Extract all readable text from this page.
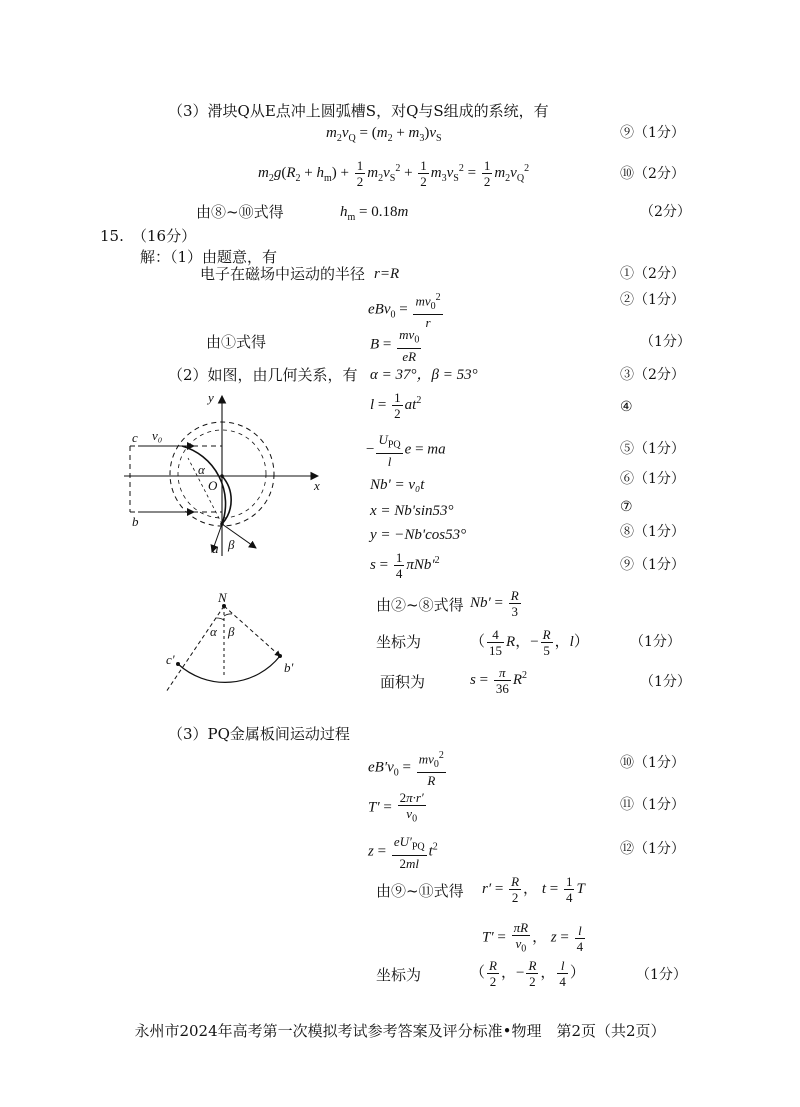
（3）滑块Q从E点冲上圆弧槽S，对Q与S组成的系统，有
$m_2v_Q = (m_2 + m_3)v_S$	⑨（1分）
$m_2g(R_2 + h_m) + \frac{1}{2} m_2v_S^2 + \frac{1}{2} m_3v_S^2 = \frac{1}{2} m_2v_Q^2$	⑩（2分）
由⑧~⑩式得	$h_m = 0.18m$	（2分）
15. （16分）
解：（1）由题意，有
电子在磁场中运动的半径 r=R	①（2分）
$eBv_0 = \frac{mv_0^2}{r}$	②（1分）
由①式得	$B = \frac{mv_0}{eR}$	（1分）
（2）如图，由几何关系，有 α = 37°，β = 53°	③（2分）
$l = \frac{1}{2} at^2$	④
− $\frac{U_{PQ}}{l}$ e = ma	⑤（1分）
Nb' = v₀t	⑥（1分）
x = Nb'sin53°	⑦
y = −Nb'cos53°	⑧（1分）
$s = \frac{1}{4} \pi Nb'^2$	⑨（1分）
由②~⑧式得 $Nb' = \frac{R}{3}$
坐标为	（ $\frac{4}{15}$ R，− $\frac{R}{5}$ ，l）	（1分）
面积为	$s = \frac{\pi}{36} R^2$	（1分）
（3）PQ金属板间运动过程
$eB'v_0 = \frac{mv_0^2}{R}$	⑩（1分）
$T' = \frac{2\pi\cdot r'}{v_0}$	⑪（1分）
$z = \frac{eU'_{PQ}}{2ml} t^2$	⑫（1分）
由⑨~⑪式得 $r' = \frac{R}{2}$ ， $t = \frac{1}{4}$ T
$T' = \frac{\pi R}{v_0}$ ， $z = \frac{l}{4}$
坐标为	（ $\frac{R}{2}$ ，− $\frac{R}{2}$ ， $\frac{l}{4}$ ）	（1分）
y
x
O
c
b
v₀
α
a β
N
α β
c'
b'
永州市2024年高考第一次模拟考试参考答案及评分标准•物理　第2页（共2页）
